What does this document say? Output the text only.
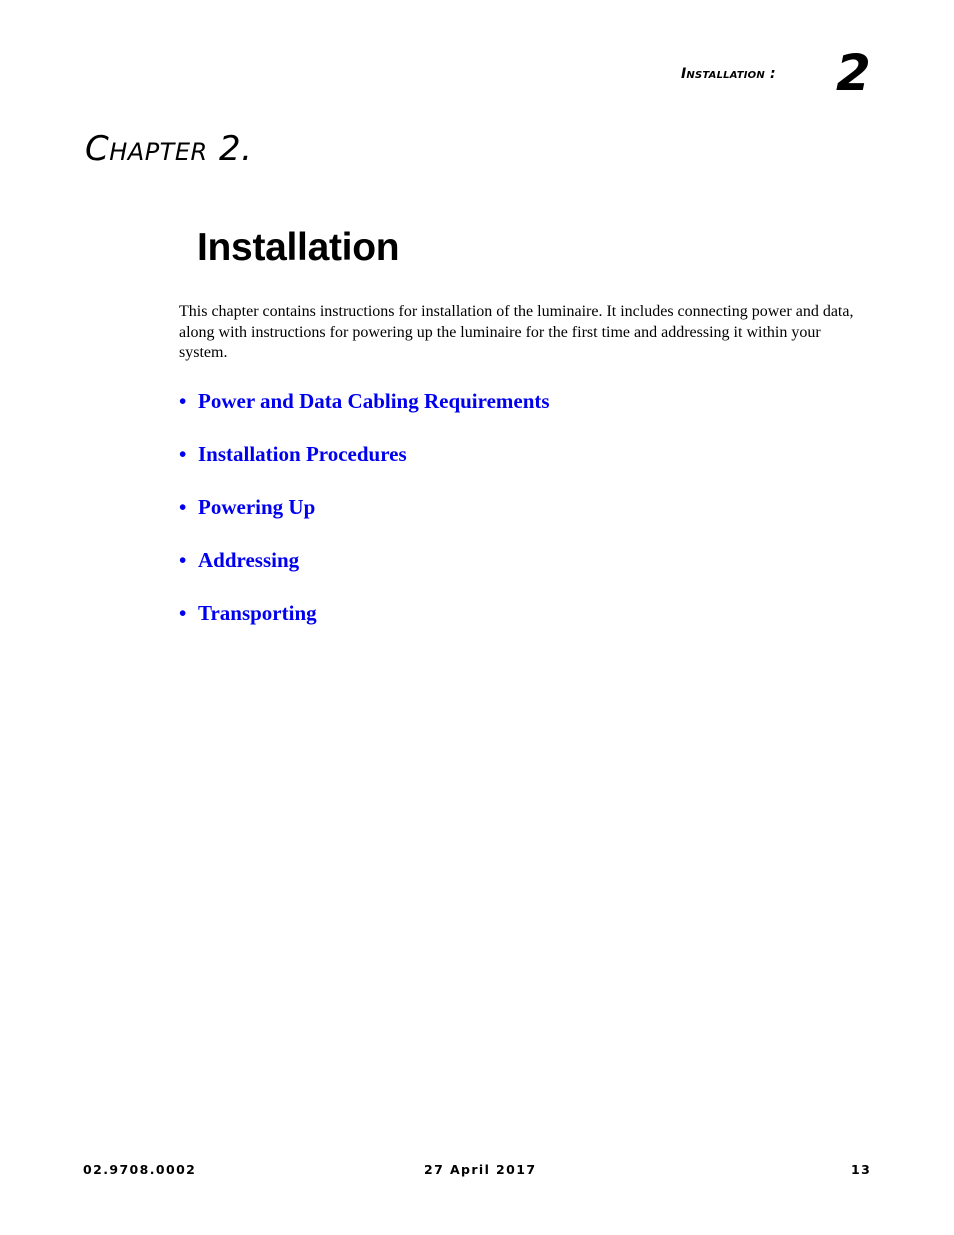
Installation : 2
Chapter 2.
Installation

This chapter contains instructions for installation of the luminaire. It includes connecting power and data, along with instructions for powering up the luminaire for the first time and addressing it within your system.

• Power and Data Cabling Requirements
• Installation Procedures
• Powering Up
• Addressing
• Transporting
02.9708.0002	27 April 2017	13
